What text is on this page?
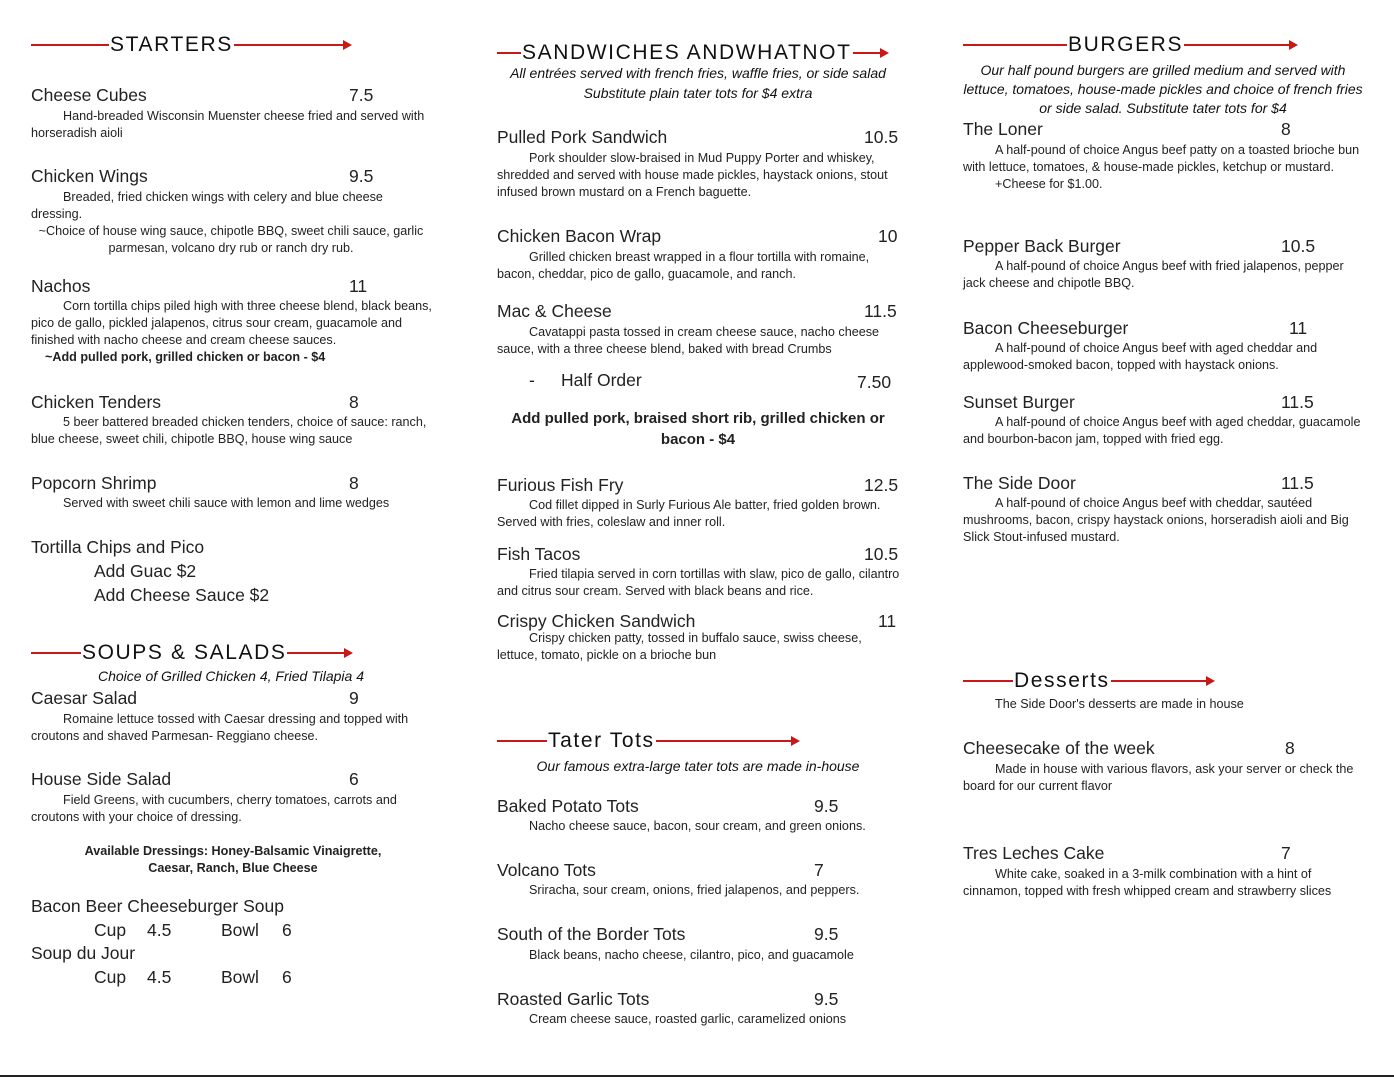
STARTERS
Cheese Cubes	7.5
Hand-breaded Wisconsin Muenster cheese fried and served with horseradish aioli
Chicken Wings	9.5
Breaded, fried chicken wings with celery and blue cheese dressing.
~Choice of house wing sauce, chipotle BBQ, sweet chili sauce, garlic parmesan, volcano dry rub or ranch dry rub.
Nachos	11
Corn tortilla chips piled high with three cheese blend, black beans, pico de gallo, pickled jalapenos, citrus sour cream, guacamole and finished with nacho cheese and cream cheese sauces.
~Add pulled pork, grilled chicken or bacon - $4
Chicken Tenders	8
5 beer battered breaded chicken tenders, choice of sauce: ranch, blue cheese, sweet chili, chipotle BBQ, house wing sauce
Popcorn Shrimp	8
Served with sweet chili sauce with lemon and lime wedges
Tortilla Chips and Pico
Add Guac $2
Add Cheese Sauce $2
SOUPS & SALADS
Choice of Grilled Chicken 4, Fried Tilapia 4
Caesar Salad	9
Romaine lettuce tossed with Caesar dressing and topped with croutons and shaved Parmesan- Reggiano cheese.
House Side Salad	6
Field Greens, with cucumbers, cherry tomatoes, carrots and croutons with your choice of dressing.
Available Dressings: Honey-Balsamic Vinaigrette, Caesar, Ranch, Blue Cheese
Bacon Beer Cheeseburger Soup
Cup 4.5	Bowl 6
Soup du Jour
Cup 4.5	Bowl 6
SANDWICHES ANDWHATNOT
All entrées served with french fries, waffle fries, or side salad
Substitute plain tater tots for $4 extra
Pulled Pork Sandwich	10.5
Pork shoulder slow-braised in Mud Puppy Porter and whiskey, shredded and served with house made pickles, haystack onions, stout infused brown mustard on a French baguette.
Chicken Bacon Wrap	10
Grilled chicken breast wrapped in a flour tortilla with romaine, bacon, cheddar, pico de gallo, guacamole, and ranch.
Mac & Cheese	11.5
Cavatappi pasta tossed in cream cheese sauce, nacho cheese sauce, with a three cheese blend, baked with bread Crumbs
- Half Order	7.50
Add pulled pork, braised short rib, grilled chicken or bacon - $4
Furious Fish Fry	12.5
Cod fillet dipped in Surly Furious Ale batter, fried golden brown. Served with fries, coleslaw and inner roll.
Fish Tacos	10.5
Fried tilapia served in corn tortillas with slaw, pico de gallo, cilantro and citrus sour cream. Served with black beans and rice.
Crispy Chicken Sandwich	11
Crispy chicken patty, tossed in buffalo sauce, swiss cheese, lettuce, tomato, pickle on a brioche bun
Tater Tots
Our famous extra-large tater tots are made in-house
Baked Potato Tots	9.5
Nacho cheese sauce, bacon, sour cream, and green onions.
Volcano Tots	7
Sriracha, sour cream, onions, fried jalapenos, and peppers.
South of the Border Tots	9.5
Black beans, nacho cheese, cilantro, pico, and guacamole
Roasted Garlic Tots	9.5
Cream cheese sauce, roasted garlic, caramelized onions
BURGERS
Our half pound burgers are grilled medium and served with lettuce, tomatoes, house-made pickles and choice of french fries or side salad. Substitute tater tots for $4
The Loner	8
A half-pound of choice Angus beef patty on a toasted brioche bun with lettuce, tomatoes, & house-made pickles, ketchup or mustard.
+Cheese for $1.00.
Pepper Back Burger	10.5
A half-pound of choice Angus beef with fried jalapenos, pepper jack cheese and chipotle BBQ.
Bacon Cheeseburger	11
A half-pound of choice Angus beef with aged cheddar and applewood-smoked bacon, topped with haystack onions.
Sunset Burger	11.5
A half-pound of choice Angus beef with aged cheddar, guacamole and bourbon-bacon jam, topped with fried egg.
The Side Door	11.5
A half-pound of choice Angus beef with cheddar, sautéed mushrooms, bacon, crispy haystack onions, horseradish aioli and Big Slick Stout-infused mustard.
Desserts
The Side Door's desserts are made in house
Cheesecake of the week	8
Made in house with various flavors, ask your server or check the board for our current flavor
Tres Leches Cake	7
White cake, soaked in a 3-milk combination with a hint of cinnamon, topped with fresh whipped cream and strawberry slices
